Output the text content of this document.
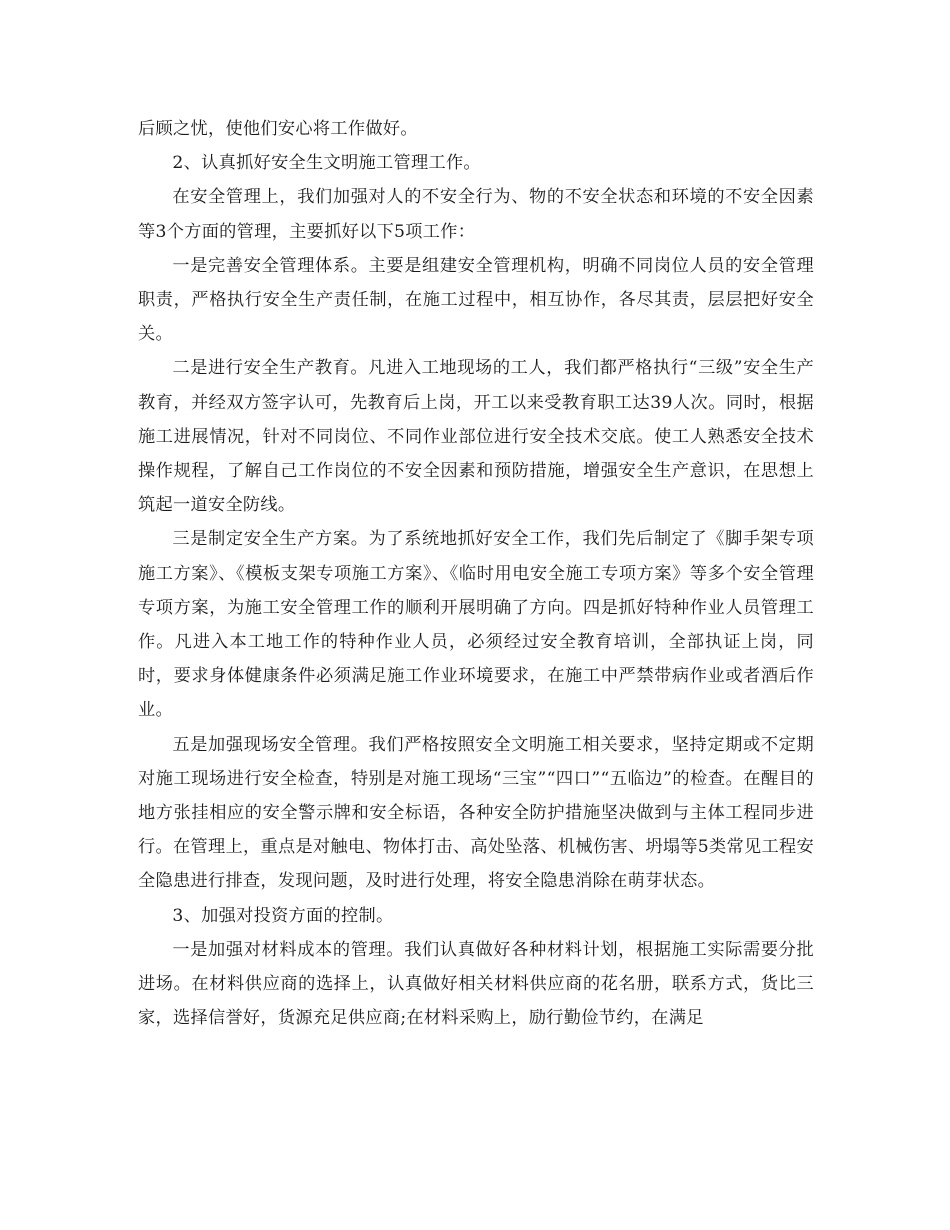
后顾之忧，使他们安心将工作做好。

2、认真抓好安全生文明施工管理工作。

在安全管理上，我们加强对人的不安全行为、物的不安全状态和环境的不安全因素等3个方面的管理，主要抓好以下5项工作：

一是完善安全管理体系。主要是组建安全管理机构，明确不同岗位人员的安全管理职责，严格执行安全生产责任制，在施工过程中，相互协作，各尽其责，层层把好安全关。

二是进行安全生产教育。凡进入工地现场的工人，我们都严格执行“三级”安全生产教育，并经双方签字认可，先教育后上岗，开工以来受教育职工达39人次。同时，根据施工进展情况，针对不同岗位、不同作业部位进行安全技术交底。使工人熟悉安全技术操作规程，了解自己工作岗位的不安全因素和预防措施，增强安全生产意识，在思想上筑起一道安全防线。

三是制定安全生产方案。为了系统地抓好安全工作，我们先后制定了《脚手架专项施工方案》、《模板支架专项施工方案》、《临时用电安全施工专项方案》等多个安全管理专项方案，为施工安全管理工作的顺利开展明确了方向。四是抓好特种作业人员管理工作。凡进入本工地工作的特种作业人员，必须经过安全教育培训，全部执证上岗，同时，要求身体健康条件必须满足施工作业环境要求，在施工中严禁带病作业或者酒后作业。

五是加强现场安全管理。我们严格按照安全文明施工相关要求，坚持定期或不定期对施工现场进行安全检查，特别是对施工现场“三宝”“四口”“五临边”的检查。在醒目的地方张挂相应的安全警示牌和安全标语，各种安全防护措施坚决做到与主体工程同步进行。在管理上，重点是对触电、物体打击、高处坠落、机械伤害、坍塌等5类常见工程安全隐患进行排查，发现问题，及时进行处理，将安全隐患消除在萌芽状态。

3、加强对投资方面的控制。

一是加强对材料成本的管理。我们认真做好各种材料计划，根据施工实际需要分批进场。在材料供应商的选择上，认真做好相关材料供应商的花名册，联系方式，货比三家，选择信誉好，货源充足供应商;在材料采购上，励行勤俭节约，在满足
